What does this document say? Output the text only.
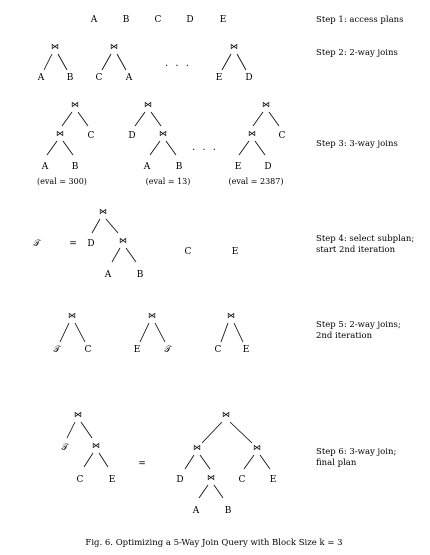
A	B	C	D	E	Step 1: access plans
⋈
A B
⋈
C	A
. . .
⋈
E	D
Step 2: 2-way joins
⋈
⋈	C
A	B
(eval = 300)
⋈
D	⋈
A	B
(eval = 13)
. . .
⋈
⋈	C
E	D
(eval = 2387)
Step 3: 3-way joins
𝒯	=
⋈
D	⋈
A	B
C	E
Step 4: select subplan;
start 2nd iteration
⋈
𝒯	C
⋈
E	𝒯
⋈
C E
Step 5: 2-way joins;
2nd iteration
⋈
𝒯	⋈
C	E
=
⋈
⋈	⋈
D	⋈	C	E
A	B
Step 6: 3-way join;
final plan
Fig. 6. Optimizing a 5-Way Join Query with Block Size k = 3
